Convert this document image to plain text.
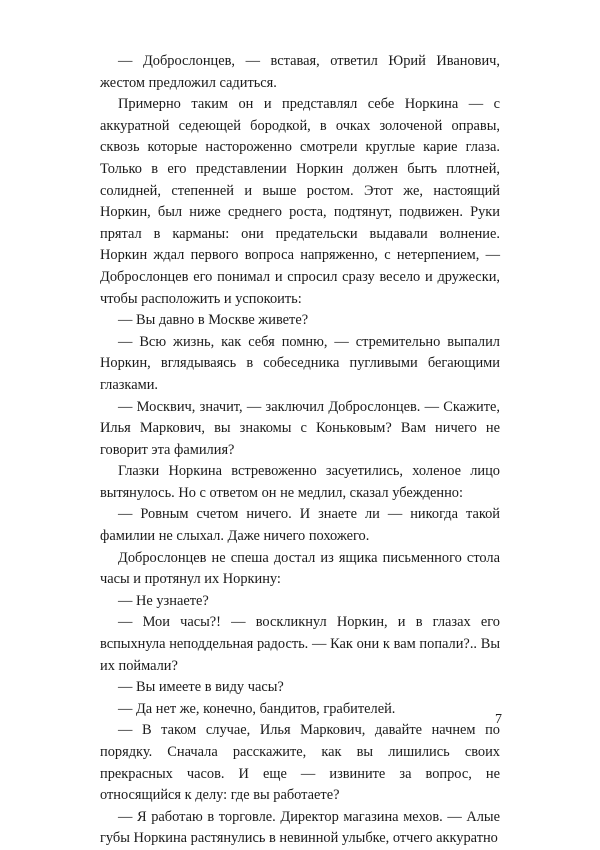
— Доброслонцев, — вставая, ответил Юрий Иванович, жестом предложил садиться.

Примерно таким он и представлял себе Норкина — с аккуратной седеющей бородкой, в очках золоченой оправы, сквозь которые настороженно смотрели круглые карие глаза. Только в его представлении Норкин должен быть плотней, солидней, степенней и выше ростом. Этот же, настоящий Норкин, был ниже среднего роста, подтянут, подвижен. Руки прятал в карманы: они предательски выдавали волнение. Норкин ждал первого вопроса напряженно, с нетерпением, — Доброслонцев его понимал и спросил сразу весело и дружески, чтобы расположить и успокоить:

— Вы давно в Москве живете?

— Всю жизнь, как себя помню, — стремительно выпалил Норкин, вглядываясь в собеседника пугливыми бегающими глазками.

— Москвич, значит, — заключил Доброслонцев. — Скажите, Илья Маркович, вы знакомы с Коньковым? Вам ничего не говорит эта фамилия?

Глазки Норкина встревоженно засуетились, холеное лицо вытянулось. Но с ответом он не медлил, сказал убежденно:

— Ровным счетом ничего. И знаете ли — никогда такой фамилии не слыхал. Даже ничего похожего.

Доброслонцев не спеша достал из ящика письменного стола часы и протянул их Норкину:

— Не узнаете?

— Мои часы?! — воскликнул Норкин, и в глазах его вспыхнула неподдельная радость. — Как они к вам попали?.. Вы их поймали?

— Вы имеете в виду часы?

— Да нет же, конечно, бандитов, грабителей.

— В таком случае, Илья Маркович, давайте начнем по порядку. Сначала расскажите, как вы лишились своих прекрасных часов. И еще — извините за вопрос, не относящийся к делу: где вы работаете?

— Я работаю в торговле. Директор магазина мехов. — Алые губы Норкина растянулись в невинной улыбке, отчего аккуратно

7
